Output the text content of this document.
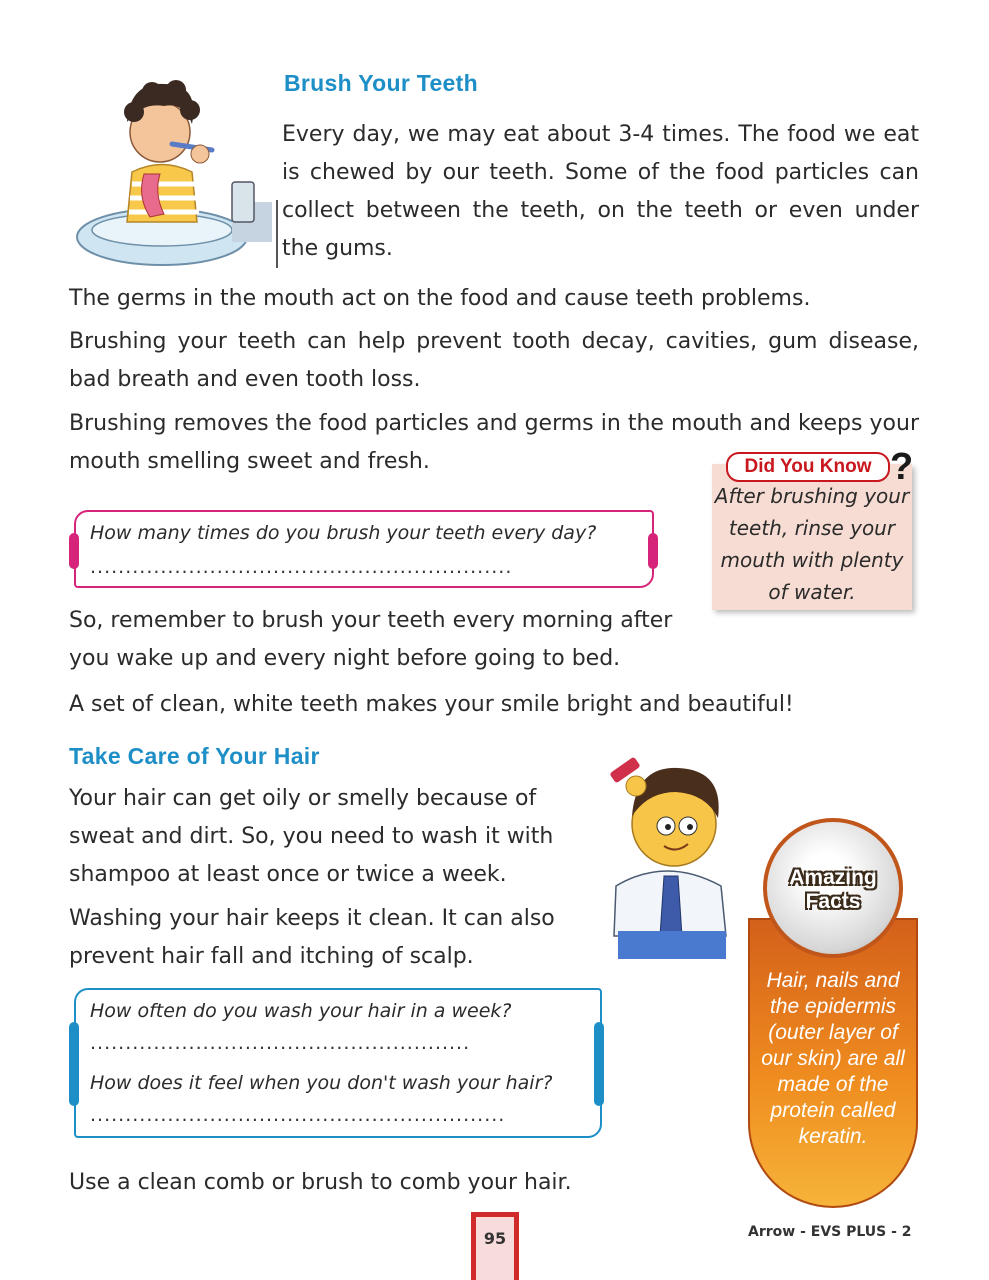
Brush Your Teeth
Every day, we may eat about 3-4 times. The food we eat is chewed by our teeth. Some of the food particles can collect between the teeth, on the teeth or even under the gums.
The germs in the mouth act on the food and cause teeth problems.
Brushing your teeth can help prevent tooth decay, cavities, gum disease, bad breath and even tooth loss.
Brushing removes the food particles and germs in the mouth and keeps your mouth smelling sweet and fresh.
How many times do you brush your teeth every day?
............................................................
Did You Know ?
After brushing your teeth, rinse your mouth with plenty of water.
So, remember to brush your teeth every morning after you wake up and every night before going to bed.
A set of clean, white teeth makes your smile bright and beautiful!
Take Care of Your Hair
Your hair can get oily or smelly because of sweat and dirt. So, you need to wash it with shampoo at least once or twice a week.
Washing your hair keeps it clean. It can also prevent hair fall and itching of scalp.
Amazing Facts
Hair, nails and the epidermis (outer layer of our skin) are all made of the protein called keratin.
How often do you wash your hair in a week?
......................................................
How does it feel when you don't wash your hair?
...........................................................
Use a clean comb or brush to comb your hair.
95	Arrow - EVS PLUS - 2
